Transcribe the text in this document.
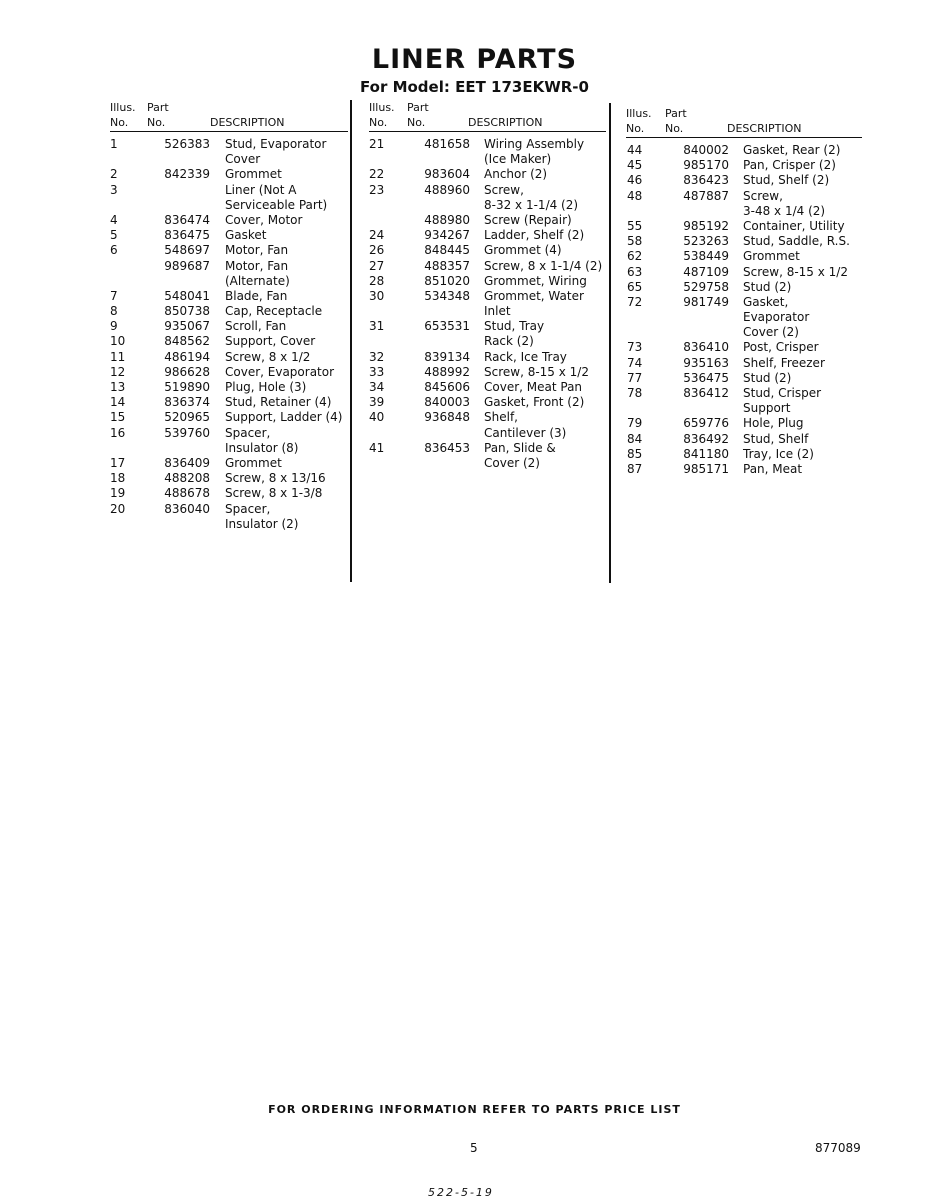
LINER PARTS
For Model: EET 173EKWR-0
Illus. Part
No. No.	DESCRIPTION
1	526383 Stud, Evaporator
Cover
2	842339 Grommet
3	Liner (Not A
Serviceable Part)
4	836474 Cover, Motor
5	836475 Gasket
6	548697 Motor, Fan
989687 Motor, Fan
(Alternate)
7	548041 Blade, Fan
8	850738 Cap, Receptacle
9	935067 Scroll, Fan
10	848562 Support, Cover
11	486194 Screw, 8 x 1/2
12	986628 Cover, Evaporator
13	519890 Plug, Hole (3)
14	836374 Stud, Retainer (4)
15	520965 Support, Ladder (4)
16	539760 Spacer,
Insulator (8)
17	836409 Grommet
18	488208 Screw, 8 x 13/16
19	488678 Screw, 8 x 1-3/8
20	836040 Spacer,
Insulator (2)
Illus. Part
No. No.	DESCRIPTION
21	481658 Wiring Assembly
(Ice Maker)
22	983604 Anchor (2)
23	488960 Screw,
8-32 x 1-1/4 (2)
488980 Screw (Repair)
24	934267 Ladder, Shelf (2)
26	848445 Grommet (4)
27	488357 Screw, 8 x 1-1/4 (2)
28	851020 Grommet, Wiring
30	534348 Grommet, Water
Inlet
31	653531 Stud, Tray
Rack (2)
32	839134 Rack, Ice Tray
33	488992 Screw, 8-15 x 1/2
34	845606 Cover, Meat Pan
39	840003 Gasket, Front (2)
40	936848 Shelf,
Cantilever (3)
41	836453 Pan, Slide &
Cover (2)
Illus. Part
No. No.	DESCRIPTION
44	840002 Gasket, Rear (2)
45	985170 Pan, Crisper (2)
46	836423 Stud, Shelf (2)
48	487887 Screw,
3-48 x 1/4 (2)
55	985192 Container, Utility
58	523263 Stud, Saddle, R.S.
62	538449 Grommet
63	487109 Screw, 8-15 x 1/2
65	529758 Stud (2)
72	981749 Gasket,
Evaporator
Cover (2)
73	836410 Post, Crisper
74	935163 Shelf, Freezer
77	536475 Stud (2)
78	836412 Stud, Crisper
Support
79	659776 Hole, Plug
84	836492 Stud, Shelf
85	841180 Tray, Ice (2)
87	985171 Pan, Meat
FOR ORDERING INFORMATION REFER TO PARTS PRICE LIST
5	877089
522-5-19
